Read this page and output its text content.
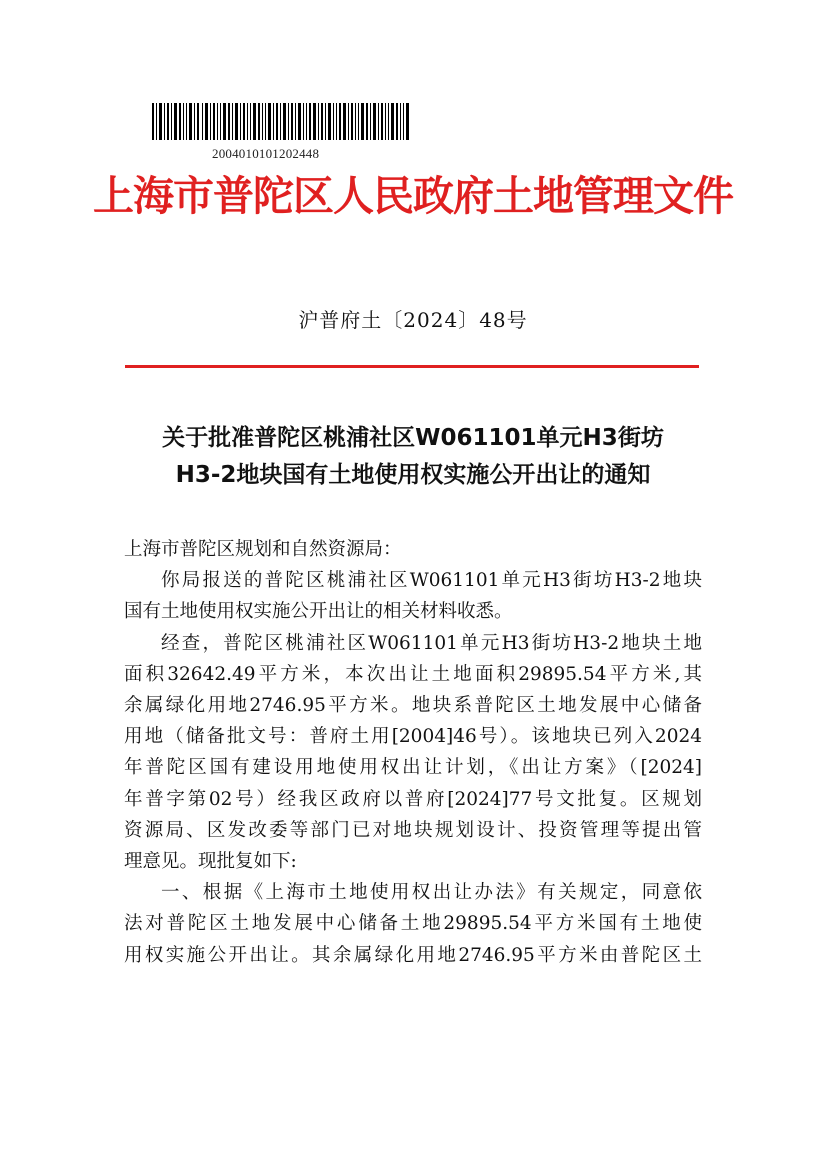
2004010101202448
上海市普陀区人民政府土地管理文件
沪普府土〔2024〕48号
关于批准普陀区桃浦社区W061101单元H3街坊
H3-2地块国有土地使用权实施公开出让的通知

上海市普陀区规划和自然资源局：

你局报送的普陀区桃浦社区W061101单元H3街坊H3-2地块
国有土地使用权实施公开出让的相关材料收悉。

经查，普陀区桃浦社区W061101单元H3街坊H3-2地块土地
面积32642.49平方米，本次出让土地面积29895.54平方米,其
余属绿化用地2746.95平方米。地块系普陀区土地发展中心储备
用地（储备批文号：普府土用[2004]46号）。该地块已列入2024
年普陀区国有建设用地使用权出让计划，《出让方案》（[2024]
年普字第02号）经我区政府以普府[2024]77号文批复。区规划
资源局、区发改委等部门已对地块规划设计、投资管理等提出管
理意见。现批复如下:

一、根据《上海市土地使用权出让办法》有关规定，同意依
法对普陀区土地发展中心储备土地29895.54平方米国有土地使
用权实施公开出让。其余属绿化用地2746.95平方米由普陀区土
